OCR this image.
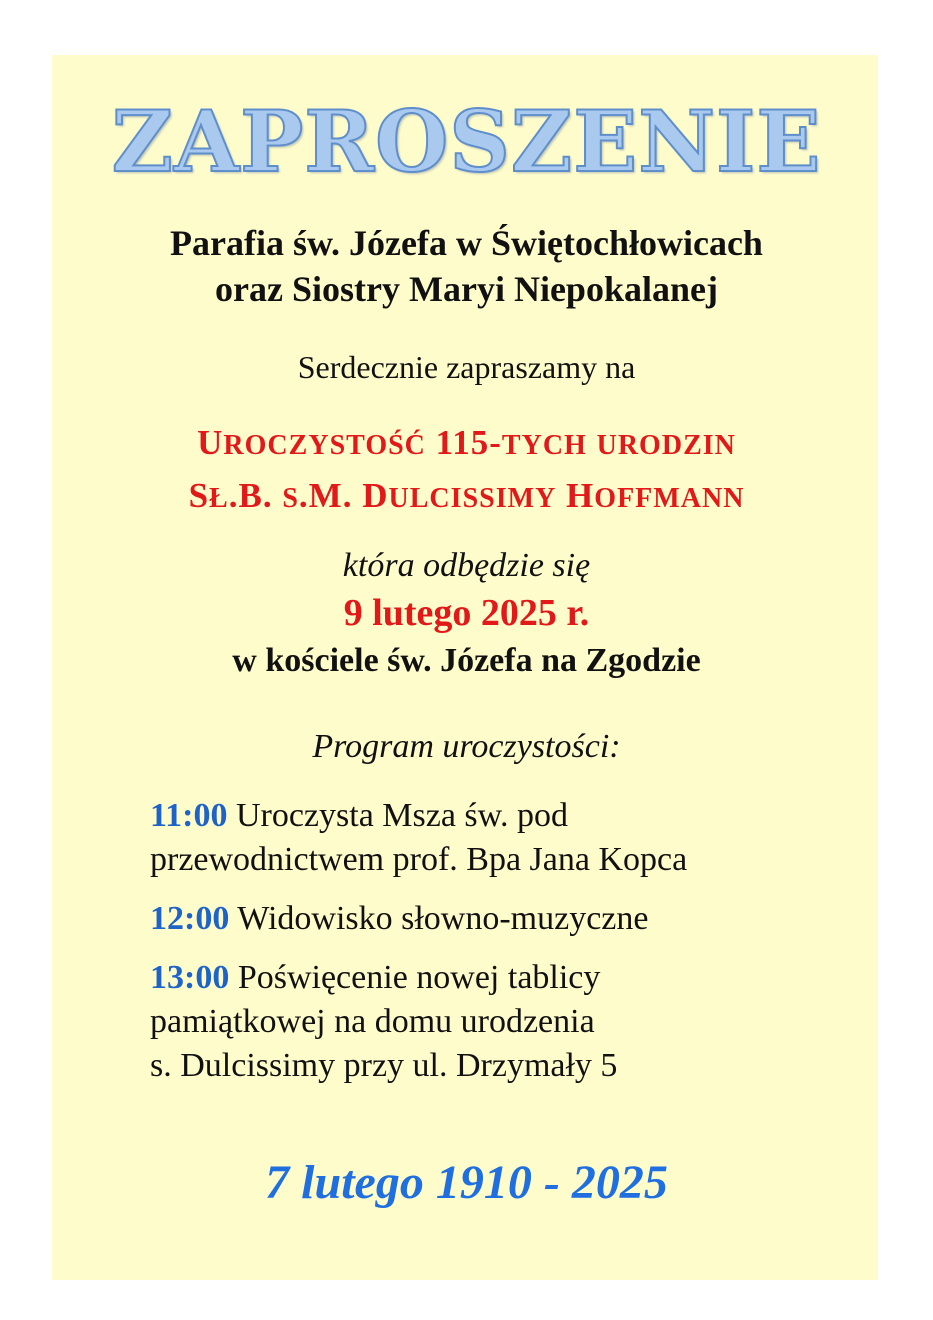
ZAPROSZENIE
Parafia św. Józefa w Świętochłowicach
oraz Siostry Maryi Niepokalanej
Serdecznie zapraszamy na
UROCZYSTOŚĆ 115-TYCH URODZIN
SŁ.B. S.M. DULCISSIMY HOFFMANN
która odbędzie się
9 lutego 2025 r.
w kościele św. Józefa na Zgodzie
Program uroczystości:
11:00 Uroczysta Msza św. pod
przewodnictwem prof. Bpa Jana Kopca
12:00 Widowisko słowno-muzyczne
13:00 Poświęcenie nowej tablicy
pamiątkowej na domu urodzenia
s. Dulcissimy przy ul. Drzymały 5
7 lutego 1910 - 2025
